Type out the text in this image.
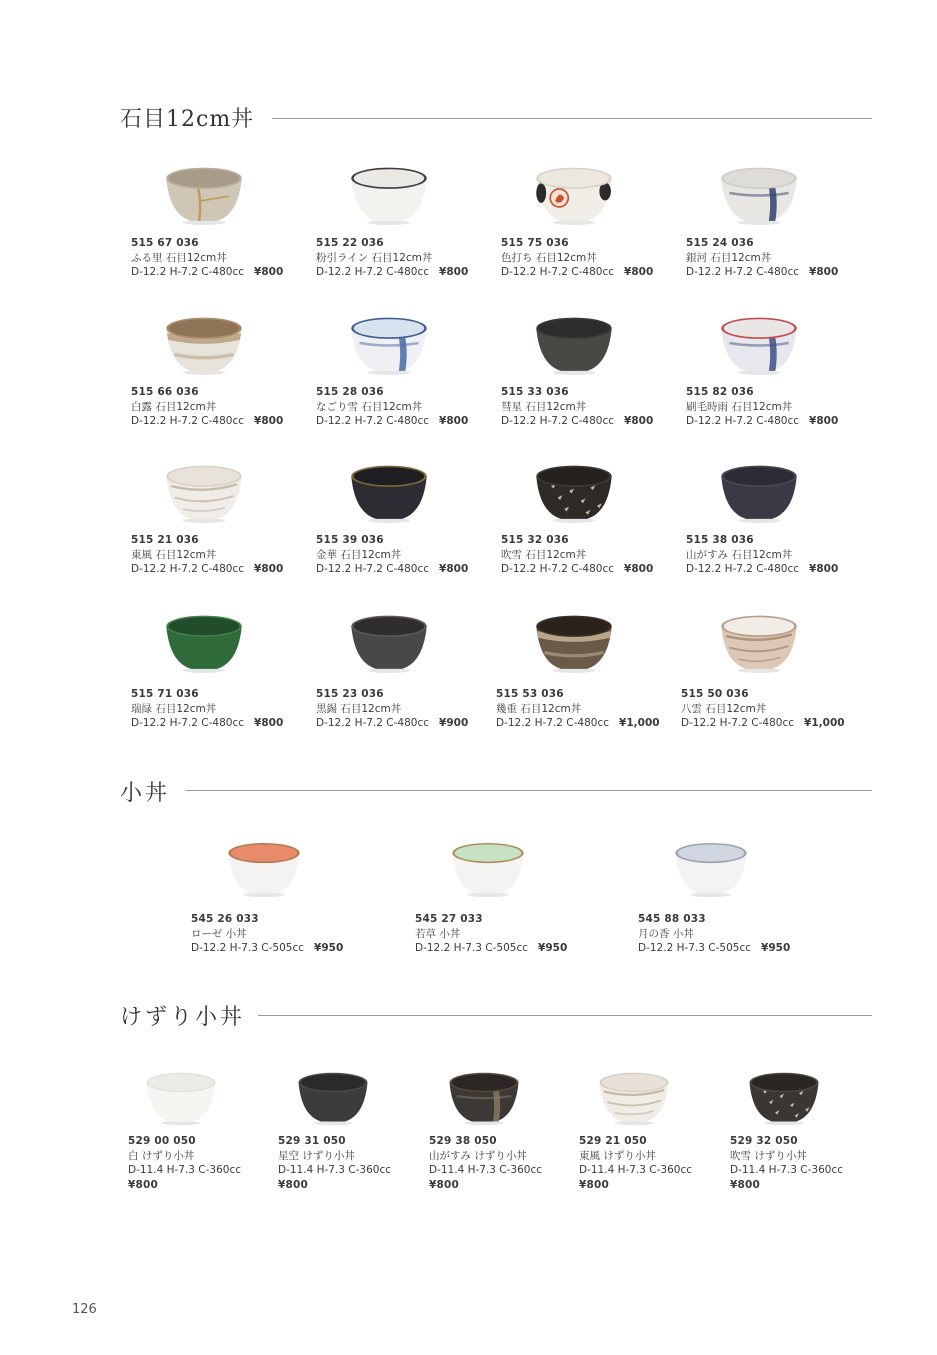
石目12cm丼
小丼
けずり小丼
515 67 036
ふる里 石目12cm丼
D-12.2 H-7.2 C-480cc ¥800
515 22 036
粉引ライン 石目12cm丼
D-12.2 H-7.2 C-480cc ¥800
515 75 036
色打ち 石目12cm丼
D-12.2 H-7.2 C-480cc ¥800
515 24 036
銀河 石目12cm丼
D-12.2 H-7.2 C-480cc ¥800
515 66 036
白露 石目12cm丼
D-12.2 H-7.2 C-480cc ¥800
515 28 036
なごり雪 石目12cm丼
D-12.2 H-7.2 C-480cc ¥800
515 33 036
彗星 石目12cm丼
D-12.2 H-7.2 C-480cc ¥800
515 82 036
刷毛時雨 石目12cm丼
D-12.2 H-7.2 C-480cc ¥800
515 21 036
東風 石目12cm丼
D-12.2 H-7.2 C-480cc ¥800
515 39 036
金華 石目12cm丼
D-12.2 H-7.2 C-480cc ¥800
515 32 036
吹雪 石目12cm丼
D-12.2 H-7.2 C-480cc ¥800
515 38 036
山がすみ 石目12cm丼
D-12.2 H-7.2 C-480cc ¥800
515 71 036
瑞緑 石目12cm丼
D-12.2 H-7.2 C-480cc ¥800
515 23 036
黒錫 石目12cm丼
D-12.2 H-7.2 C-480cc ¥900
515 53 036
幾重 石目12cm丼
D-12.2 H-7.2 C-480cc ¥1,000
515 50 036
八雲 石目12cm丼
D-12.2 H-7.2 C-480cc ¥1,000
545 26 033
ローゼ 小丼
D-12.2 H-7.3 C-505cc ¥950
545 27 033
若草 小丼
D-12.2 H-7.3 C-505cc ¥950
545 88 033
月の香 小丼
D-12.2 H-7.3 C-505cc ¥950
529 00 050
白 けずり小丼
D-11.4 H-7.3 C-360cc
¥800
529 31 050
星空 けずり小丼
D-11.4 H-7.3 C-360cc
¥800
529 38 050
山がすみ けずり小丼
D-11.4 H-7.3 C-360cc
¥800
529 21 050
東風 けずり小丼
D-11.4 H-7.3 C-360cc
¥800
529 32 050
吹雪 けずり小丼
D-11.4 H-7.3 C-360cc
¥800
126
